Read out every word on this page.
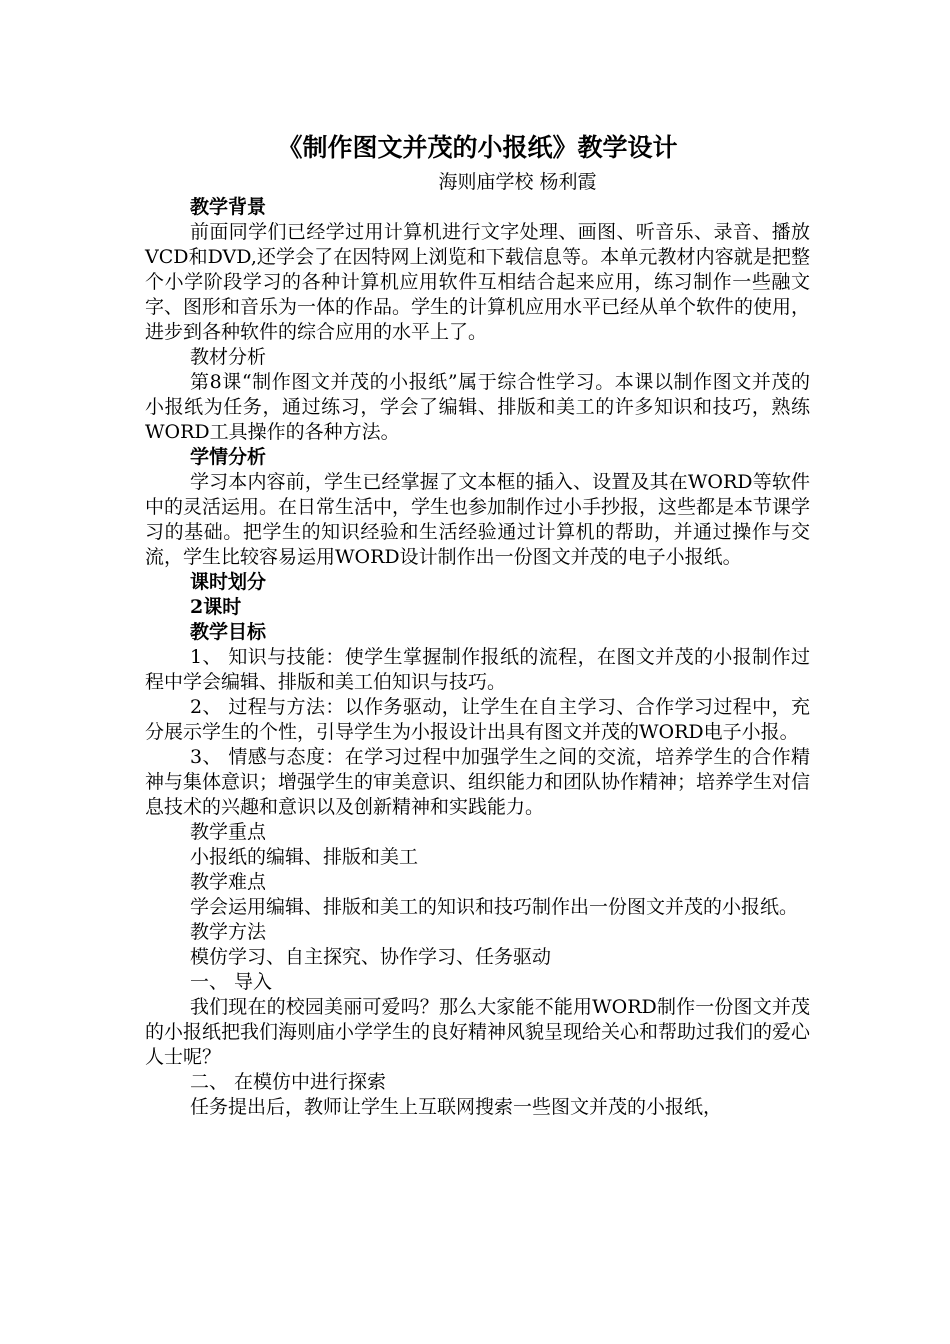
《制作图文并茂的小报纸》教学设计
海则庙学校 杨利霞
教学背景

前面同学们已经学过用计算机进行文字处理、画图、听音乐、录音、播放VCD和DVD,还学会了在因特网上浏览和下载信息等。本单元教材内容就是把整个小学阶段学习的各种计算机应用软件互相结合起来应用，练习制作一些融文字、图形和音乐为一体的作品。学生的计算机应用水平已经从单个软件的使用，进步到各种软件的综合应用的水平上了。

教材分析

第8课“制作图文并茂的小报纸”属于综合性学习。本课以制作图文并茂的小报纸为任务，通过练习，学会了编辑、排版和美工的许多知识和技巧，熟练WORD工具操作的各种方法。

学情分析

学习本内容前，学生已经掌握了文本框的插入、设置及其在WORD等软件中的灵活运用。在日常生活中，学生也参加制作过小手抄报，这些都是本节课学习的基础。把学生的知识经验和生活经验通过计算机的帮助，并通过操作与交流，学生比较容易运用WORD设计制作出一份图文并茂的电子小报纸。

课时划分
2课时
教学目标

1、 知识与技能：使学生掌握制作报纸的流程，在图文并茂的小报制作过程中学会编辑、排版和美工伯知识与技巧。

2、 过程与方法：以作务驱动，让学生在自主学习、合作学习过程中，充分展示学生的个性，引导学生为小报设计出具有图文并茂的WORD电子小报。

3、 情感与态度：在学习过程中加强学生之间的交流，培养学生的合作精神与集体意识；增强学生的审美意识、组织能力和团队协作精神；培养学生对信息技术的兴趣和意识以及创新精神和实践能力。

教学重点
小报纸的编辑、排版和美工
教学难点

学会运用编辑、排版和美工的知识和技巧制作出一份图文并茂的小报纸。

教学方法
模仿学习、自主探究、协作学习、任务驱动
一、 导入

我们现在的校园美丽可爱吗？那么大家能不能用WORD制作一份图文并茂的小报纸把我们海则庙小学学生的良好精神风貌呈现给关心和帮助过我们的爱心人士呢？

二、 在模仿中进行探索

任务提出后，教师让学生上互联网搜索一些图文并茂的小报纸，
